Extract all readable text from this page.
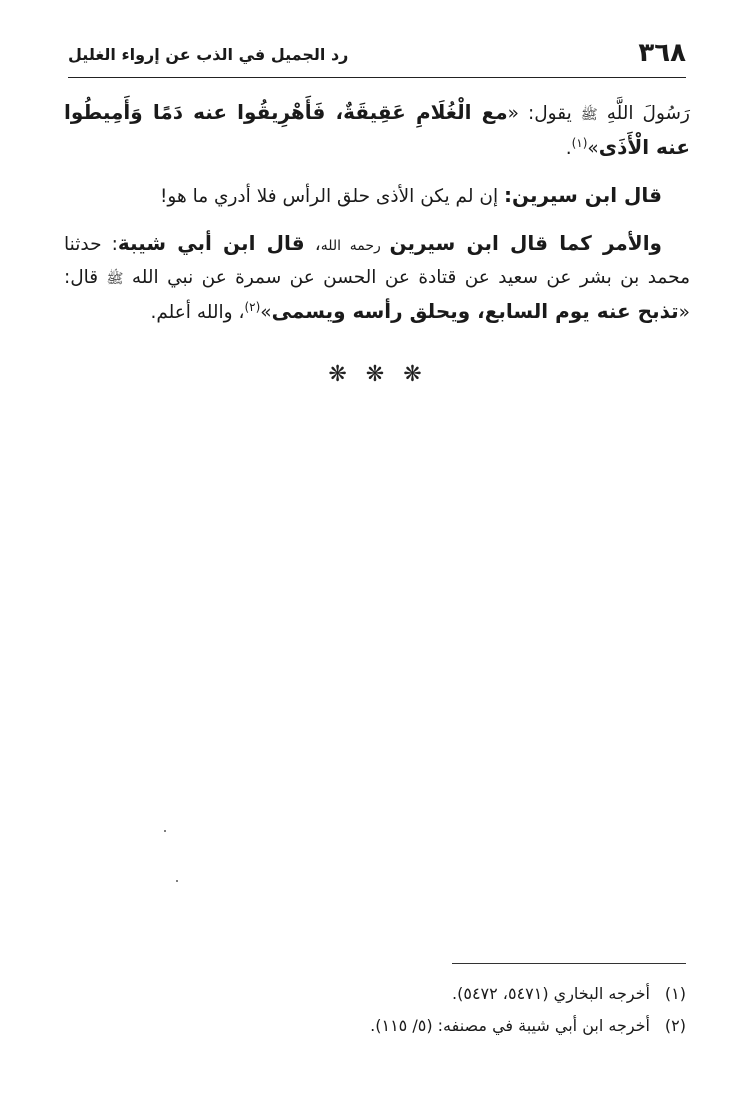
٣٦٨
رد الجميل في الذب عن إرواء الغليل

رَسُولَ اللَّهِ ﷺ يقول: «مع الْغُلَامِ عَقِيقَةٌ، فَأَهْرِيقُوا عنه دَمًا وَأَمِيطُوا عنه الْأَذَى»$^{(١)}$.

قال ابن سيرين: إن لم يكن الأذى حلق الرأس فلا أدري ما هو!

والأمر كما قال ابن سيرين رحمه الله، قال ابن أبي شيبة: حدثنا محمد بن بشر عن سعيد عن قتادة عن الحسن عن سمرة عن نبي الله ﷺ قال: «تذبح عنه يوم السابع، ويحلق رأسه ويسمى»$^{(٢)}$، والله أعلم.

❋ ❋ ❋
(١)أخرجه البخاري (٥٤٧١، ٥٤٧٢).
(٢)أخرجه ابن أبي شيبة في مصنفه: (٥/ ١١٥).
